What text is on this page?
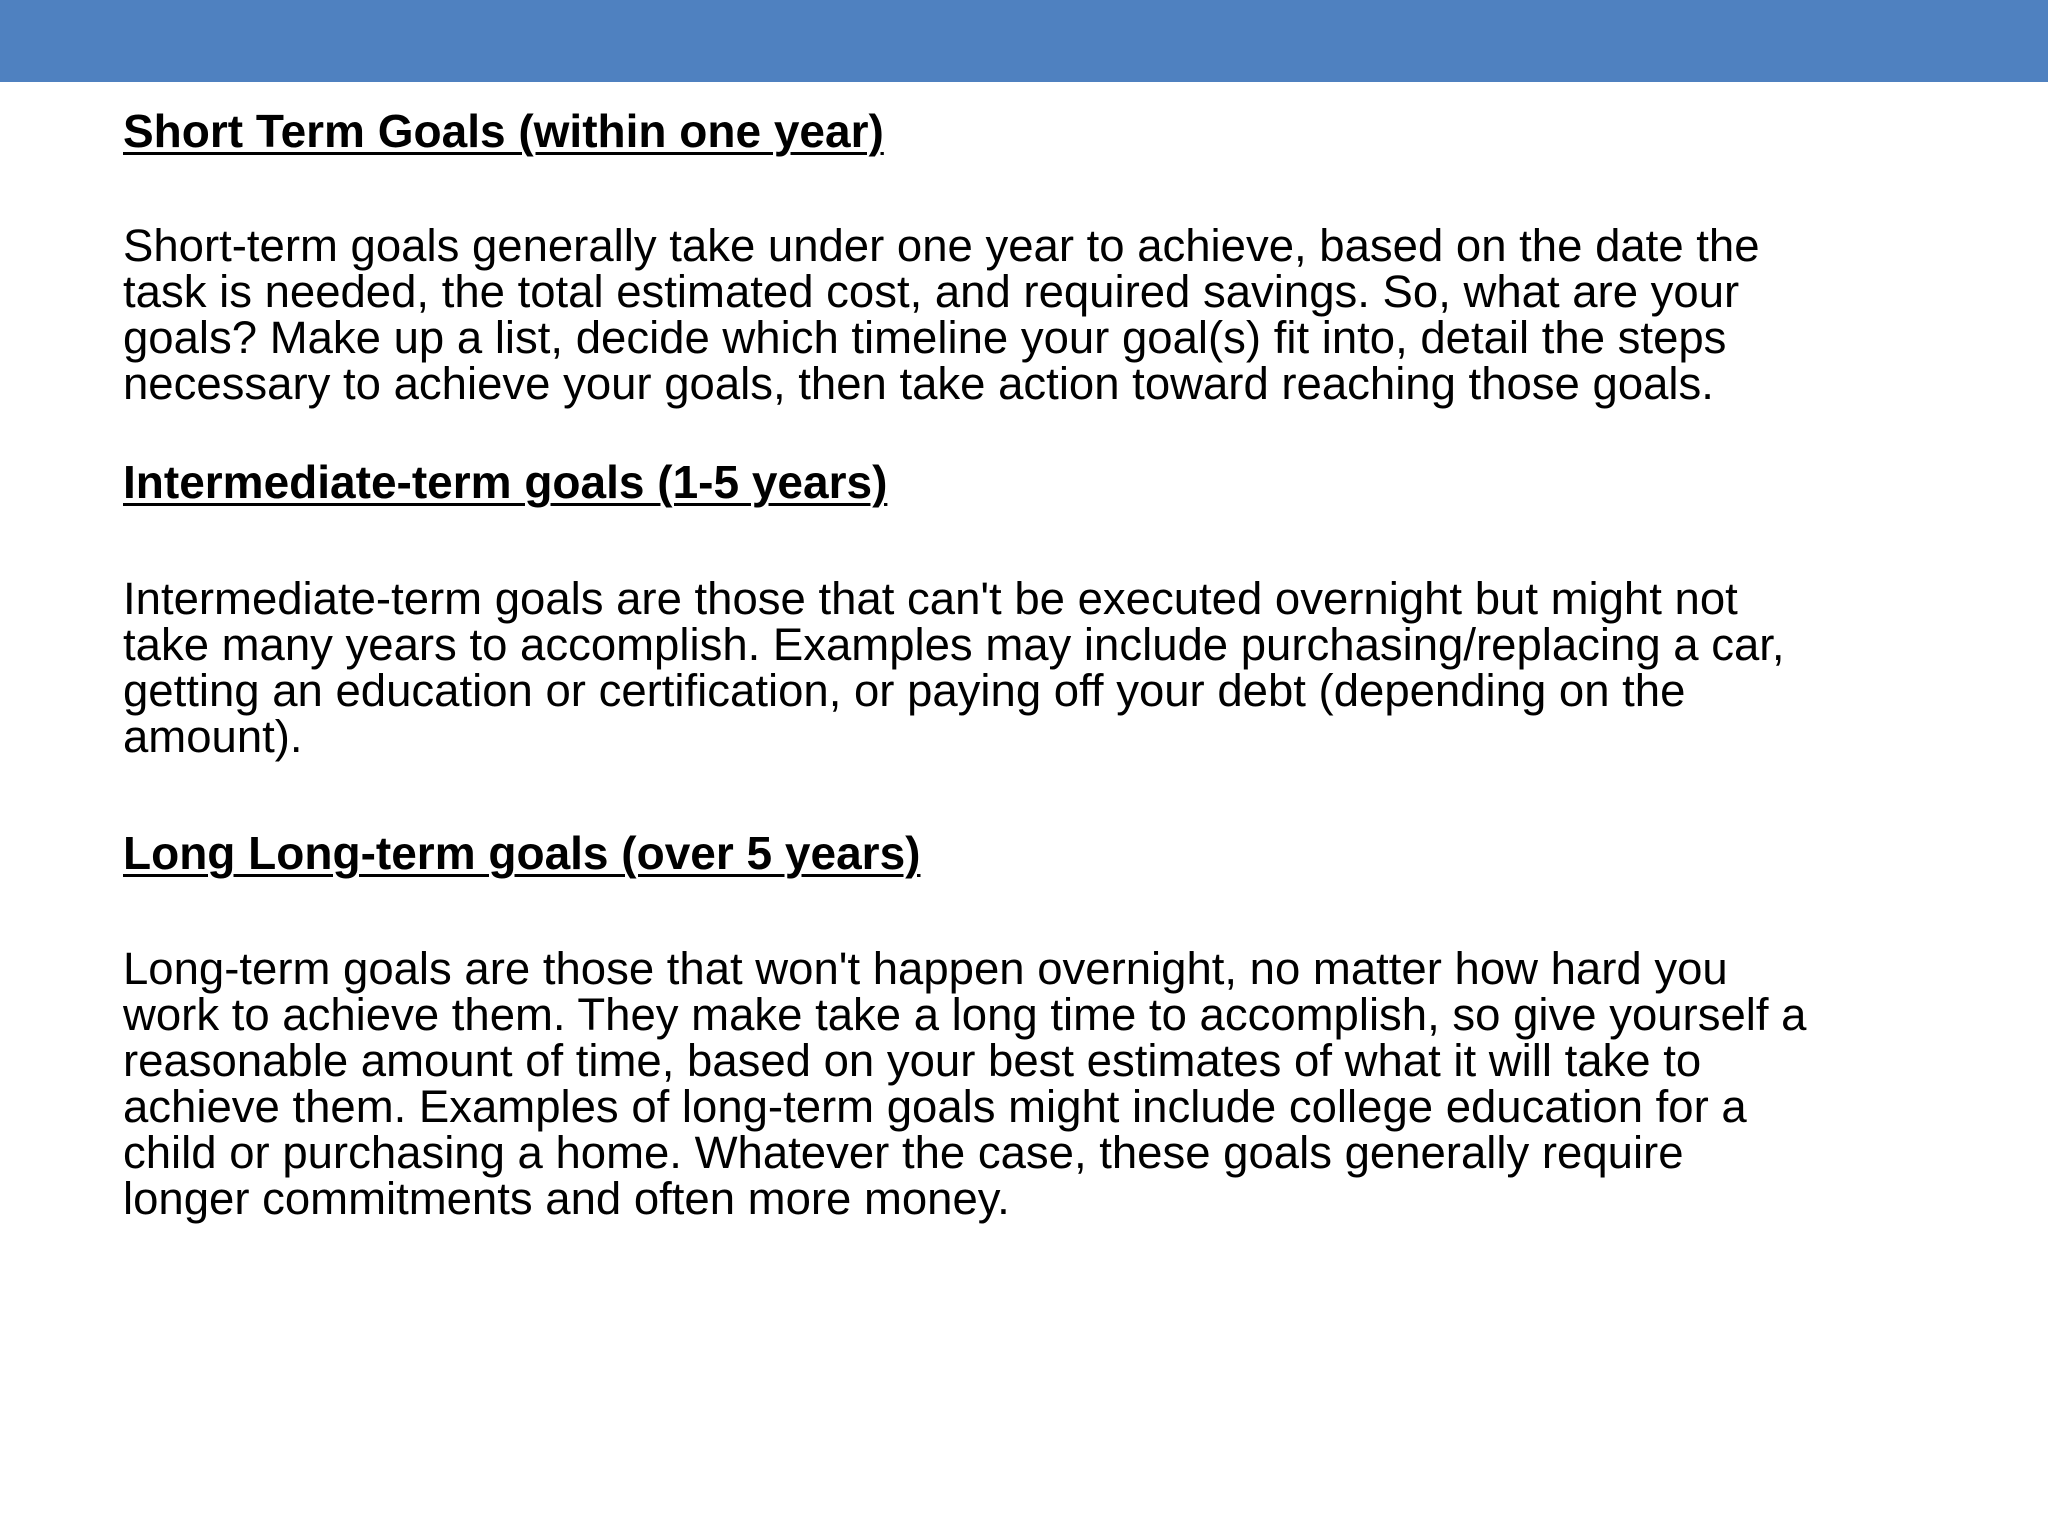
Short Term Goals (within one year)
Short-term goals generally take under one year to achieve, based on the date the
task is needed, the total estimated cost, and required savings. So, what are your
goals? Make up a list, decide which timeline your goal(s) fit into, detail the steps
necessary to achieve your goals, then take action toward reaching those goals.
Intermediate-term goals (1-5 years)
Intermediate-term goals are those that can't be executed overnight but might not
take many years to accomplish. Examples may include purchasing/replacing a car,
getting an education or certification, or paying off your debt (depending on the
amount).
Long Long-term goals (over 5 years)
Long-term goals are those that won't happen overnight, no matter how hard you
work to achieve them. They make take a long time to accomplish, so give yourself a
reasonable amount of time, based on your best estimates of what it will take to
achieve them. Examples of long-term goals might include college education for a
child or purchasing a home. Whatever the case, these goals generally require
longer commitments and often more money.
